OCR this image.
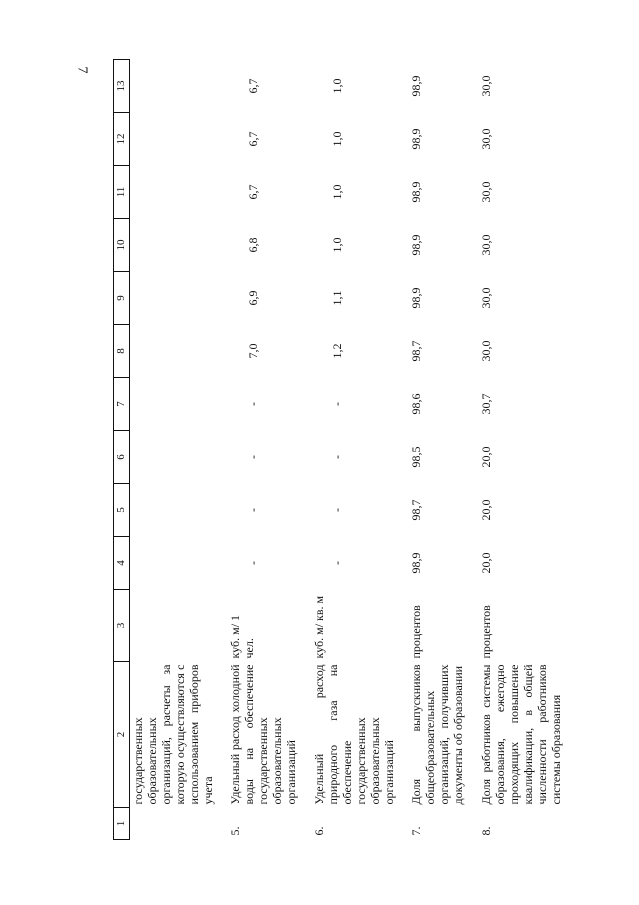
7
1	2	3	4	5	6	7	8	9	10	11	12	13
	государственных образовательных организаций, расчеты за которую осуществляются с использованием приборов учета											
5.	Удельный расход холодной воды на обеспечение государственных образовательных организаций	куб. м/ 1 чел.	-	-	-	-	7,0	6,9	6,8	6,7	6,7	6,7
6.	Удельный расход природного газа на обеспечение государственных образовательных организаций	куб. м/ кв. м	-	-	-	-	1,2	1,1	1,0	1,0	1,0	1,0
7.	Доля выпускников общеобразовательных организаций, получивших документы об образовании	процентов	98,9	98,7	98,5	98,6	98,7	98,9	98,9	98,9	98,9	98,9
8.	Доля работников системы образования, ежегодно проходящих повышение квалификации, в общей численности работников системы образования	процентов	20,0	20,0	20,0	30,7	30,0	30,0	30,0	30,0	30,0	30,0
